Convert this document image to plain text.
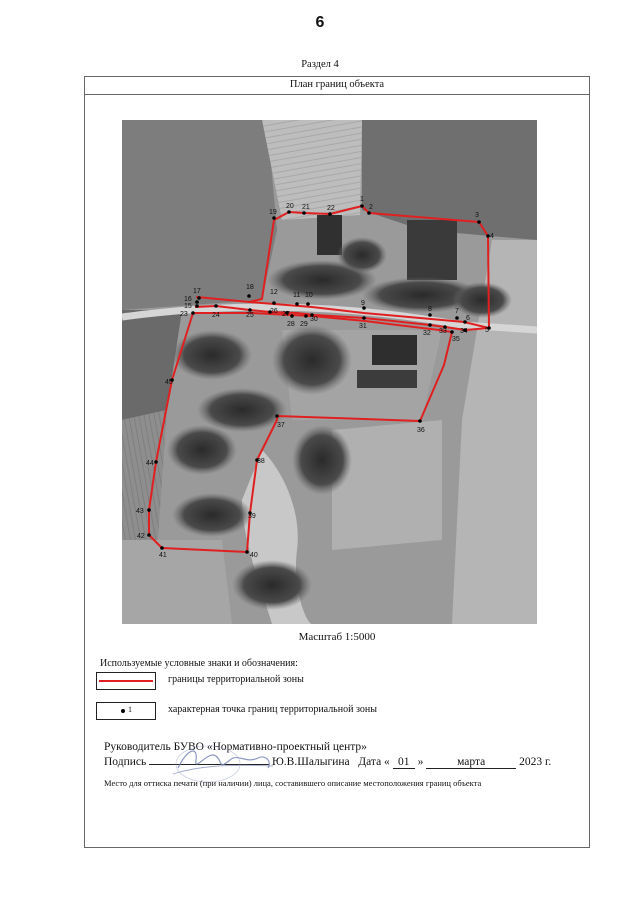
6
Раздел 4
План границ объекта
1
2
3
4
5
6
7
8
9
10
11
12
15
16
17
18
19
20 21 22
23	24	25
26 27
28 29
30
31
32 33 34
35
36
37
38
39
40
41
42
43
44
45
Масштаб 1:5000
Используемые условные знаки и обозначения:
границы территориальной зоны
1	характерная точка границ территориальной зоны
Руководитель БУВО «Нормативно-проектный центр»
Подпись	Ю.В.Шалыгина Дата « 01 »	марта	2023 г.
Место для оттиска печати (при наличии) лица, составившего описание местоположения границ объекта
